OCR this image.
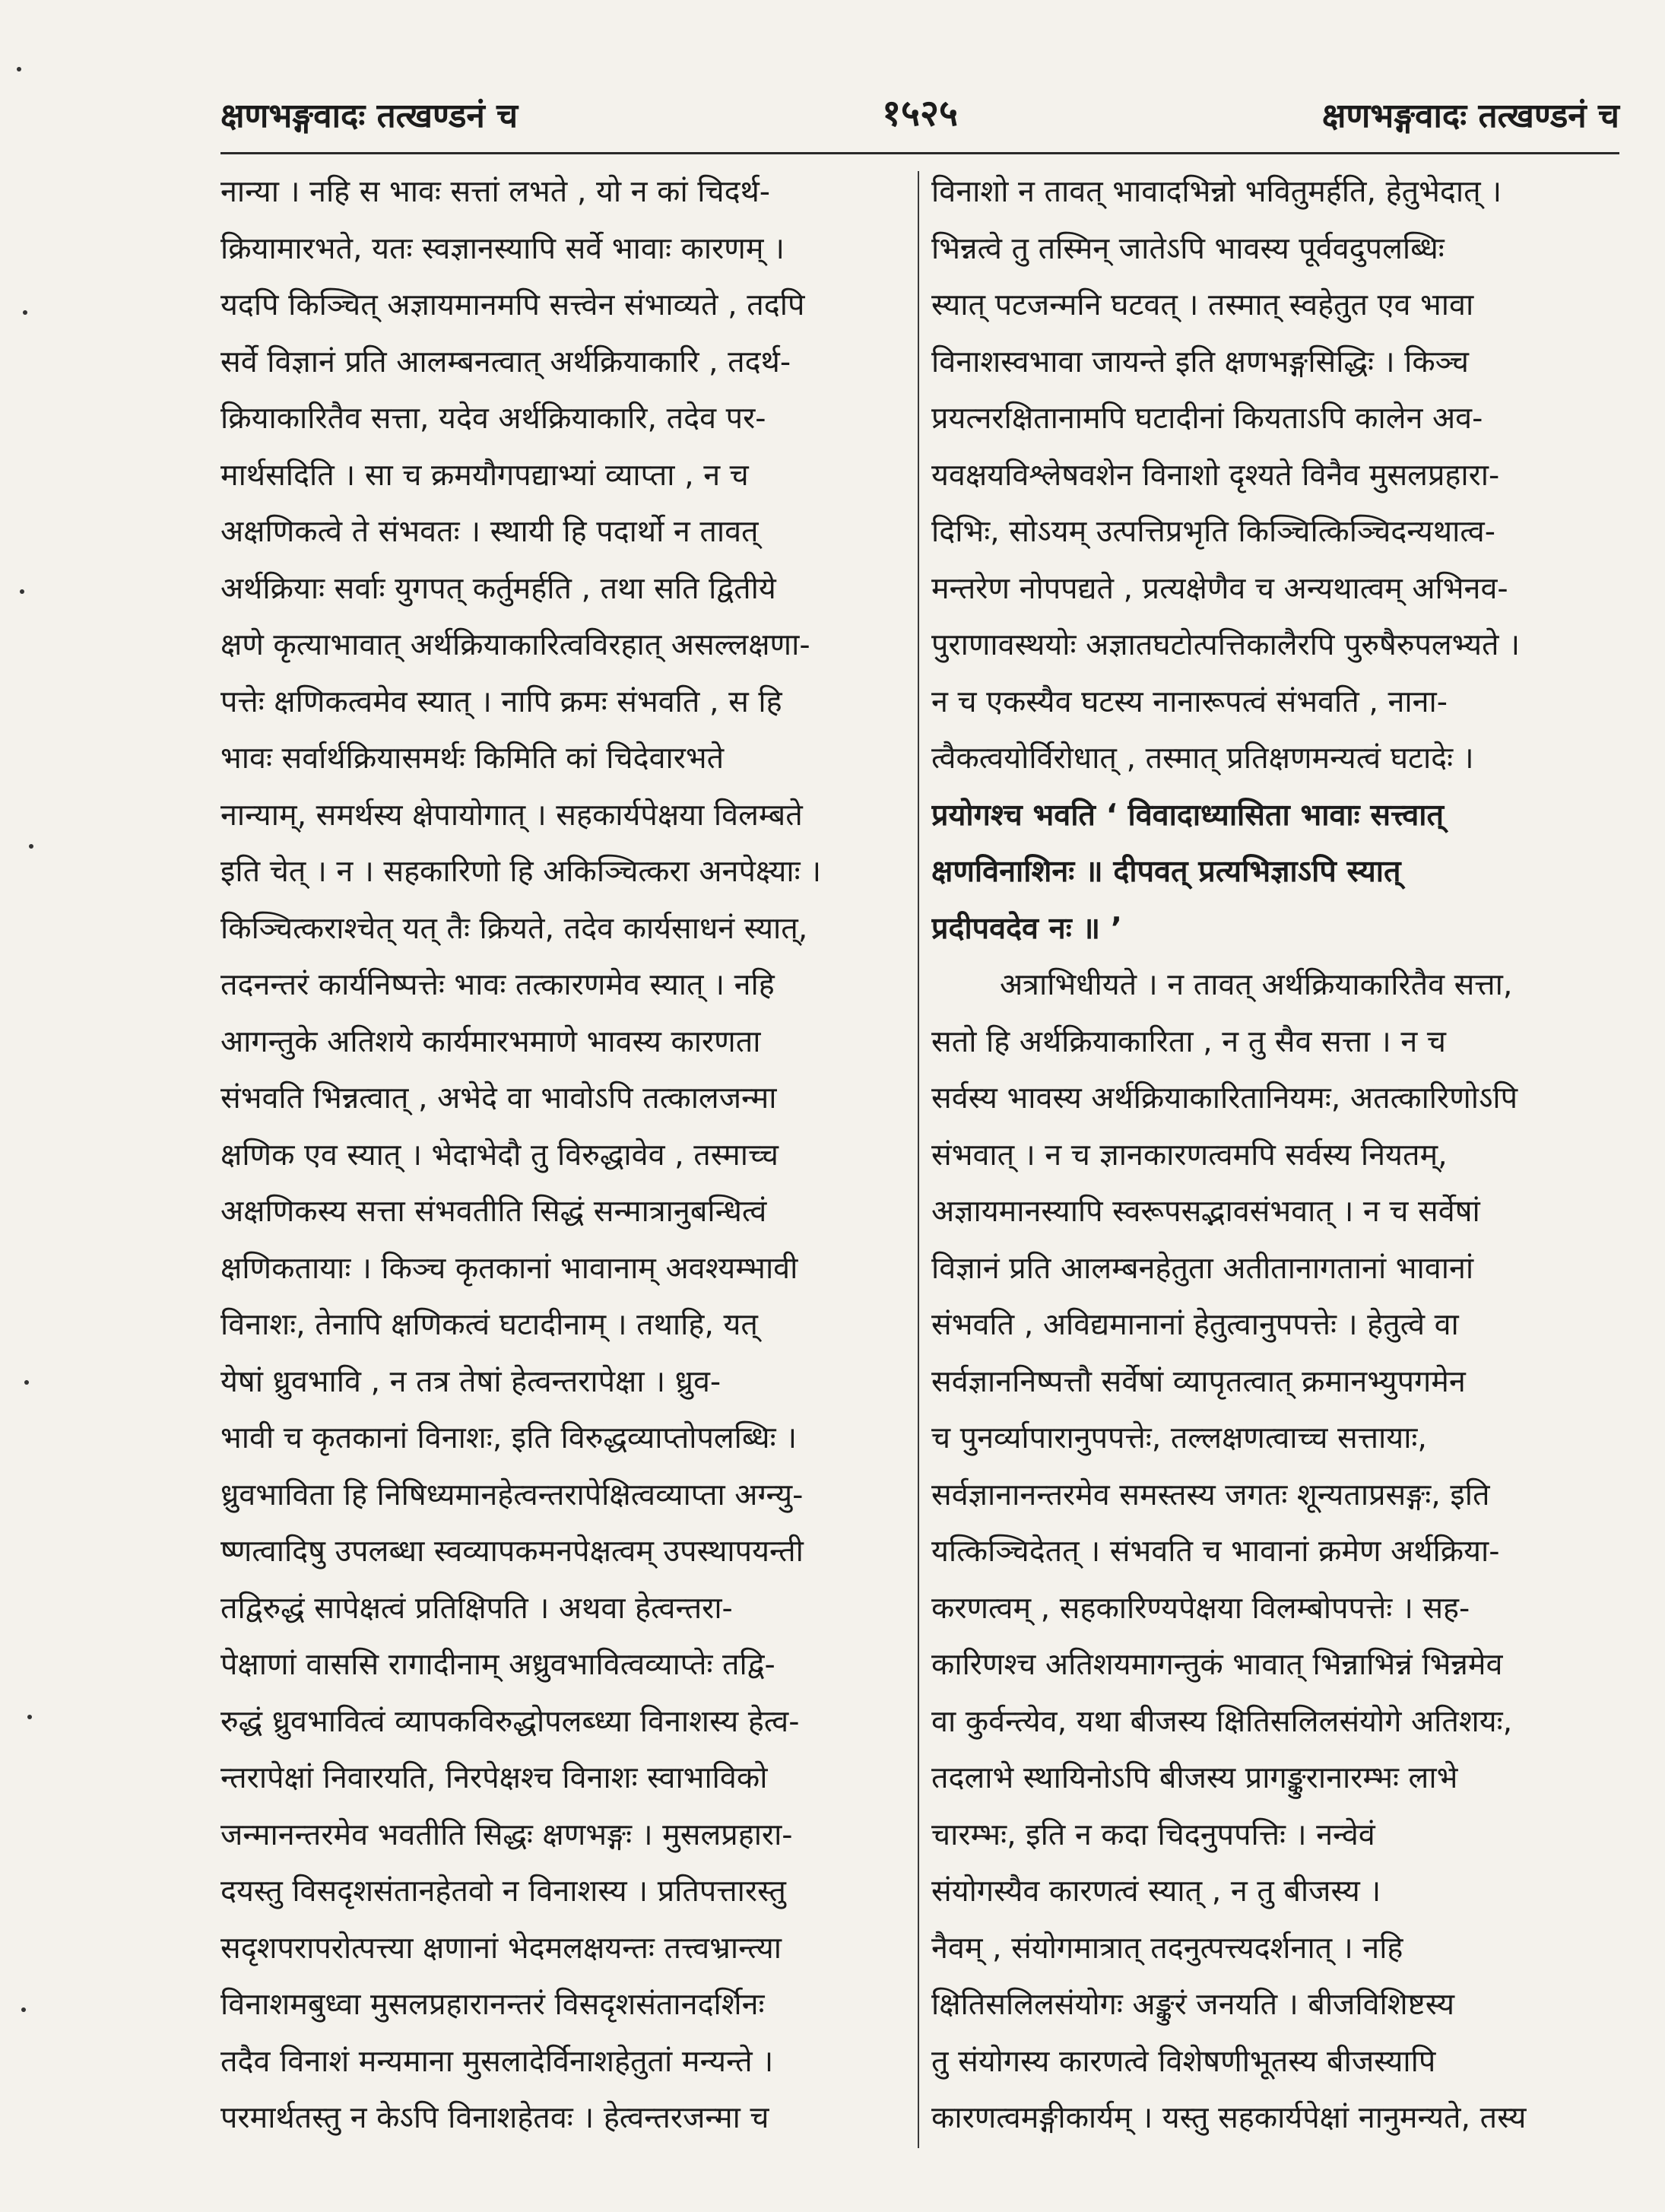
क्षणभङ्गवादः तत्खण्डनं च	१५२५	क्षणभङ्गवादः तत्खण्डनं च
नान्या । नहि स भावः सत्तां लभते , यो न कां चिदर्थ-
क्रियामारभते, यतः स्वज्ञानस्यापि सर्वे भावाः कारणम् ।
यदपि किञ्चित् अज्ञायमानमपि सत्त्वेन संभाव्यते , तदपि
सर्वे विज्ञानं प्रति आलम्बनत्वात् अर्थक्रियाकारि , तदर्थ-
क्रियाकारितैव सत्ता, यदेव अर्थक्रियाकारि, तदेव पर-
मार्थसदिति । सा च क्रमयौगपद्याभ्यां व्याप्ता , न च
अक्षणिकत्वे ते संभवतः । स्थायी हि पदार्थो न तावत्
अर्थक्रियाः सर्वाः युगपत् कर्तुमर्हति , तथा सति द्वितीये
क्षणे कृत्याभावात् अर्थक्रियाकारित्वविरहात् असल्लक्षणा-
पत्तेः क्षणिकत्वमेव स्यात् । नापि क्रमः संभवति , स हि
भावः सर्वार्थक्रियासमर्थः किमिति कां चिदेवारभते
नान्याम्, समर्थस्य क्षेपायोगात् । सहकार्यपेक्षया विलम्बते
इति चेत् । न । सहकारिणो हि अकिञ्चित्करा अनपेक्ष्याः ।
किञ्चित्कराश्चेत् यत् तैः क्रियते, तदेव कार्यसाधनं स्यात्,
तदनन्तरं कार्यनिष्पत्तेः भावः तत्कारणमेव स्यात् । नहि
आगन्तुके अतिशये कार्यमारभमाणे भावस्य कारणता
संभवति भिन्नत्वात् , अभेदे वा भावोऽपि तत्कालजन्मा
क्षणिक एव स्यात् । भेदाभेदौ तु विरुद्धावेव , तस्माच्च
अक्षणिकस्य सत्ता संभवतीति सिद्धं सन्मात्रानुबन्धित्वं
क्षणिकतायाः । किञ्च कृतकानां भावानाम् अवश्यम्भावी
विनाशः, तेनापि क्षणिकत्वं घटादीनाम् । तथाहि, यत्
येषां ध्रुवभावि , न तत्र तेषां हेत्वन्तरापेक्षा । ध्रुव-
भावी च कृतकानां विनाशः, इति विरुद्धव्याप्तोपलब्धिः ।
ध्रुवभाविता हि निषिध्यमानहेत्वन्तरापेक्षित्वव्याप्ता अग्न्यु-
ष्णत्वादिषु उपलब्धा स्वव्यापकमनपेक्षत्वम् उपस्थापयन्ती
तद्विरुद्धं सापेक्षत्वं प्रतिक्षिपति । अथवा हेत्वन्तरा-
पेक्षाणां वाससि रागादीनाम् अध्रुवभावित्वव्याप्तेः तद्वि-
रुद्धं ध्रुवभावित्वं व्यापकविरुद्धोपलब्ध्या विनाशस्य हेत्व-
न्तरापेक्षां निवारयति, निरपेक्षश्च विनाशः स्वाभाविको
जन्मानन्तरमेव भवतीति सिद्धः क्षणभङ्गः । मुसलप्रहारा-
दयस्तु विसदृशसंतानहेतवो न विनाशस्य । प्रतिपत्तारस्तु
सदृशपरापरोत्पत्त्या क्षणानां भेदमलक्षयन्तः तत्त्वभ्रान्त्या
विनाशमबुध्वा मुसलप्रहारानन्तरं विसदृशसंतानदर्शिनः
तदैव विनाशं मन्यमाना मुसलादेर्विनाशहेतुतां मन्यन्ते ।
परमार्थतस्तु न केऽपि विनाशहेतवः । हेत्वन्तरजन्मा च
विनाशो न तावत् भावादभिन्नो भवितुमर्हति, हेतुभेदात् ।
भिन्नत्वे तु तस्मिन् जातेऽपि भावस्य पूर्ववदुपलब्धिः
स्यात् पटजन्मनि घटवत् । तस्मात् स्वहेतुत एव भावा
विनाशस्वभावा जायन्ते इति क्षणभङ्गसिद्धिः । किञ्च
प्रयत्नरक्षितानामपि घटादीनां कियताऽपि कालेन अव-
यवक्षयविश्लेषवशेन विनाशो दृश्यते विनैव मुसलप्रहारा-
दिभिः, सोऽयम् उत्पत्तिप्रभृति किञ्चित्किञ्चिदन्यथात्व-
मन्तरेण नोपपद्यते , प्रत्यक्षेणैव च अन्यथात्वम् अभिनव-
पुराणावस्थयोः अज्ञातघटोत्पत्तिकालैरपि पुरुषैरुपलभ्यते ।
न च एकस्यैव घटस्य नानारूपत्वं संभवति , नाना-
त्वैकत्वयोर्विरोधात् , तस्मात् प्रतिक्षणमन्यत्वं घटादेः ।
प्रयोगश्च भवति ‘ विवादाध्यासिता भावाः सत्त्वात्
क्षणविनाशिनः ॥ दीपवत् प्रत्यभिज्ञाऽपि स्यात्
प्रदीपवदेव नः ॥ ’
अत्राभिधीयते । न तावत् अर्थक्रियाकारितैव सत्ता,
सतो हि अर्थक्रियाकारिता , न तु सैव सत्ता । न च
सर्वस्य भावस्य अर्थक्रियाकारितानियमः, अतत्कारिणोऽपि
संभवात् । न च ज्ञानकारणत्वमपि सर्वस्य नियतम्,
अज्ञायमानस्यापि स्वरूपसद्भावसंभवात् । न च सर्वेषां
विज्ञानं प्रति आलम्बनहेतुता अतीतानागतानां भावानां
संभवति , अविद्यमानानां हेतुत्वानुपपत्तेः । हेतुत्वे वा
सर्वज्ञाननिष्पत्तौ सर्वेषां व्यापृतत्वात् क्रमानभ्युपगमेन
च पुनर्व्यापारानुपपत्तेः, तल्लक्षणत्वाच्च सत्तायाः,
सर्वज्ञानानन्तरमेव समस्तस्य जगतः शून्यताप्रसङ्गः, इति
यत्किञ्चिदेतत् । संभवति च भावानां क्रमेण अर्थक्रिया-
करणत्वम् , सहकारिण्यपेक्षया विलम्बोपपत्तेः । सह-
कारिणश्च अतिशयमागन्तुकं भावात् भिन्नाभिन्नं भिन्नमेव
वा कुर्वन्त्येव, यथा बीजस्य क्षितिसलिलसंयोगे अतिशयः,
तदलाभे स्थायिनोऽपि बीजस्य प्रागङ्कुरानारम्भः लाभे
चारम्भः, इति न कदा चिदनुपपत्तिः । नन्वेवं
संयोगस्यैव कारणत्वं स्यात् , न तु बीजस्य ।
नैवम् , संयोगमात्रात् तदनुत्पत्त्यदर्शनात् । नहि
क्षितिसलिलसंयोगः अङ्कुरं जनयति । बीजविशिष्टस्य
तु संयोगस्य कारणत्वे विशेषणीभूतस्य बीजस्यापि
कारणत्वमङ्गीकार्यम् । यस्तु सहकार्यपेक्षां नानुमन्यते, तस्य
